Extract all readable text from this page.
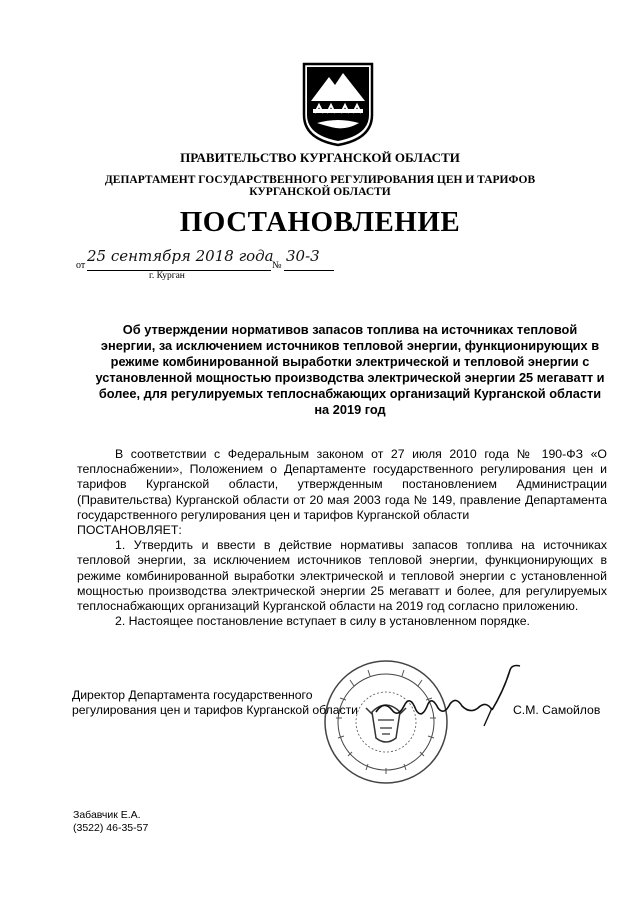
ПРАВИТЕЛЬСТВО КУРГАНСКОЙ ОБЛАСТИ
ДЕПАРТАМЕНТ ГОСУДАРСТВЕННОГО РЕГУЛИРОВАНИЯ ЦЕН И ТАРИФОВ
КУРГАНСКОЙ ОБЛАСТИ
ПОСТАНОВЛЕНИЕ
от
25 сентября 2018 года
№
30-3
г. Курган
Об утверждении нормативов запасов топлива на источниках тепловой
энергии, за исключением источников тепловой энергии, функционирующих в
режиме комбинированной выработки электрической и тепловой энергии с
установленной мощностью производства электрической энергии 25 мегаватт и
более, для регулируемых теплоснабжающих организаций Курганской области
на 2019 год

В соответствии с Федеральным законом от 27 июля 2010 года № 190-ФЗ «О теплоснабжении», Положением о Департаменте государственного регулирования цен и тарифов Курганской области, утвержденным постановлением Администрации (Правительства) Курганской области от 20 мая 2003 года № 149, правление Департамента государственного регулирования цен и тарифов Курганской области

ПОСТАНОВЛЯЕТ:

1. Утвердить и ввести в действие нормативы запасов топлива на источниках тепловой энергии, за исключением источников тепловой энергии, функционирующих в режиме комбинированной выработки электрической и тепловой энергии с установленной мощностью производства электрической энергии 25 мегаватт и более, для регулируемых теплоснабжающих организаций Курганской области на 2019 год согласно приложению.

2. Настоящее постановление вступает в силу в установленном порядке.

Директор Департамента государственного
регулирования цен и тарифов Курганской области	С.М. Самойлов
Забавчик Е.А.
(3522) 46-35-57
